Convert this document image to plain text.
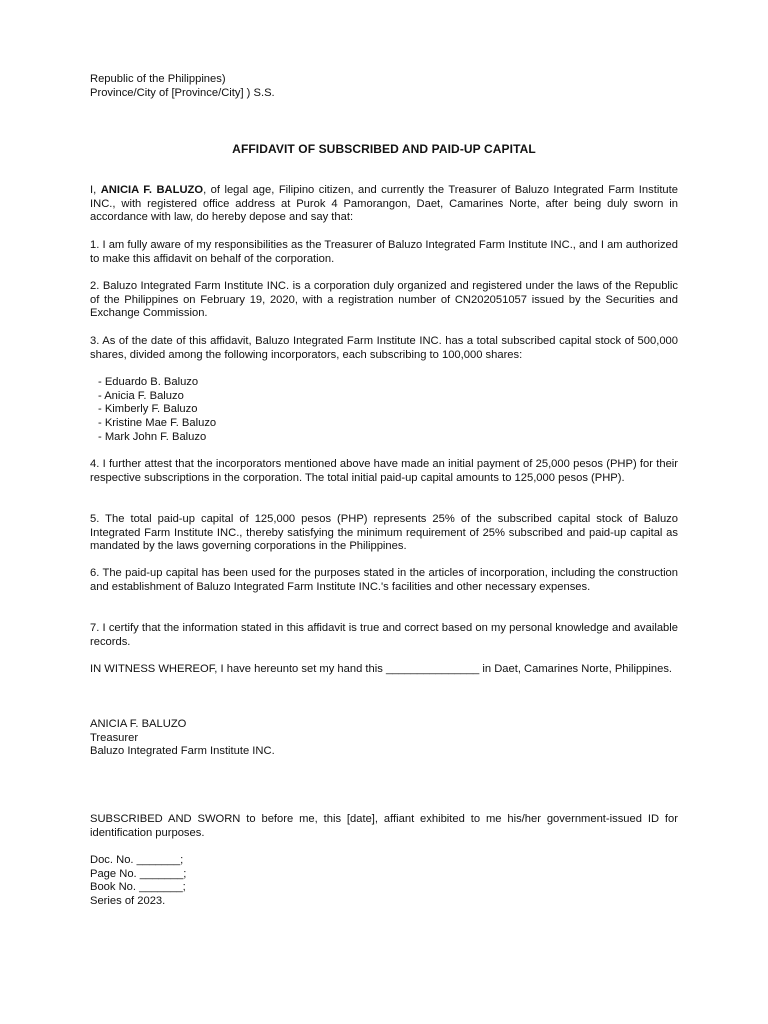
Republic of the Philippines)
Province/City of [Province/City] ) S.S.
AFFIDAVIT OF SUBSCRIBED AND PAID-UP CAPITAL

I, ANICIA F. BALUZO, of legal age, Filipino citizen, and currently the Treasurer of Baluzo Integrated Farm Institute INC., with registered office address at Purok 4 Pamorangon, Daet, Camarines Norte, after being duly sworn in accordance with law, do hereby depose and say that:

1. I am fully aware of my responsibilities as the Treasurer of Baluzo Integrated Farm Institute INC., and I am authorized to make this affidavit on behalf of the corporation.

2. Baluzo Integrated Farm Institute INC. is a corporation duly organized and registered under the laws of the Republic of the Philippines on February 19, 2020, with a registration number of CN202051057 issued by the Securities and Exchange Commission.

3. As of the date of this affidavit, Baluzo Integrated Farm Institute INC. has a total subscribed capital stock of 500,000 shares, divided among the following incorporators, each subscribing to 100,000 shares:

- Eduardo B. Baluzo
- Anicia F. Baluzo
- Kimberly F. Baluzo
- Kristine Mae F. Baluzo
- Mark John F. Baluzo

4. I further attest that the incorporators mentioned above have made an initial payment of 25,000 pesos (PHP) for their respective subscriptions in the corporation. The total initial paid-up capital amounts to 125,000 pesos (PHP).

5. The total paid-up capital of 125,000 pesos (PHP) represents 25% of the subscribed capital stock of Baluzo Integrated Farm Institute INC., thereby satisfying the minimum requirement of 25% subscribed and paid-up capital as mandated by the laws governing corporations in the Philippines.

6. The paid-up capital has been used for the purposes stated in the articles of incorporation, including the construction and establishment of Baluzo Integrated Farm Institute INC.'s facilities and other necessary expenses.

7. I certify that the information stated in this affidavit is true and correct based on my personal knowledge and available records.

IN WITNESS WHEREOF, I have hereunto set my hand this _______________ in Daet, Camarines Norte, Philippines.

ANICIA F. BALUZO
Treasurer
Baluzo Integrated Farm Institute INC.

SUBSCRIBED AND SWORN to before me, this [date], affiant exhibited to me his/her government-issued ID for identification purposes.

Doc. No. _______;
Page No. _______;
Book No. _______;
Series of 2023.
